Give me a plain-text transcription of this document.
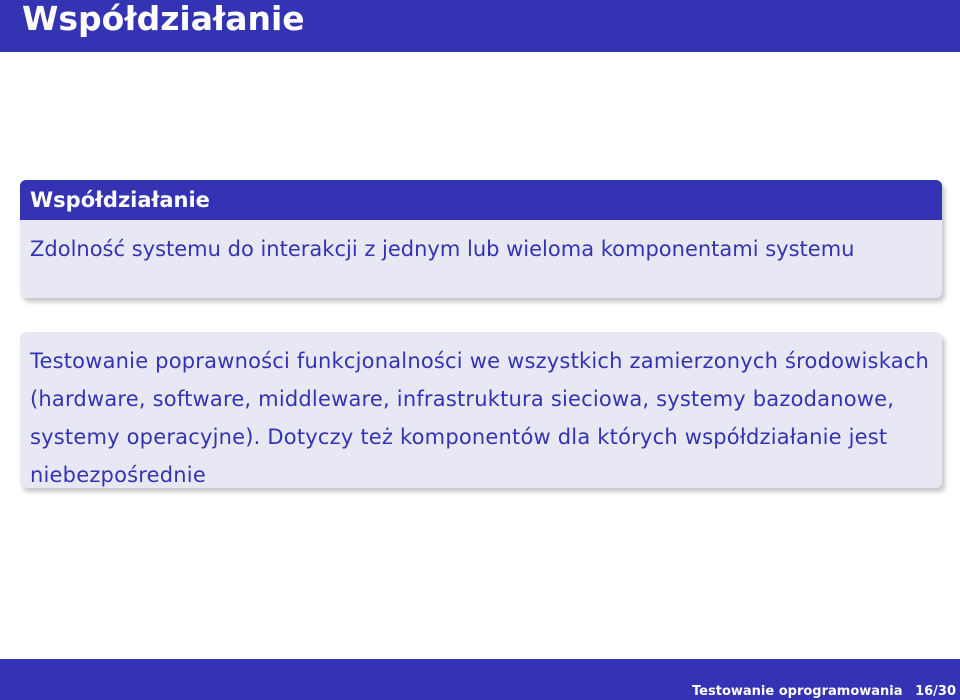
Współdziałanie
Współdziałanie
Zdolność systemu do interakcji z jednym lub wieloma komponentami systemu
Testowanie poprawności funkcjonalności we wszystkich zamierzonych środowiskach (hardware, software, middleware, infrastruktura sieciowa, systemy bazodanowe, systemy operacyjne). Dotyczy też komponentów dla których współdziałanie jest niebezpośrednie
Testowanie oprogramowania 16/30
